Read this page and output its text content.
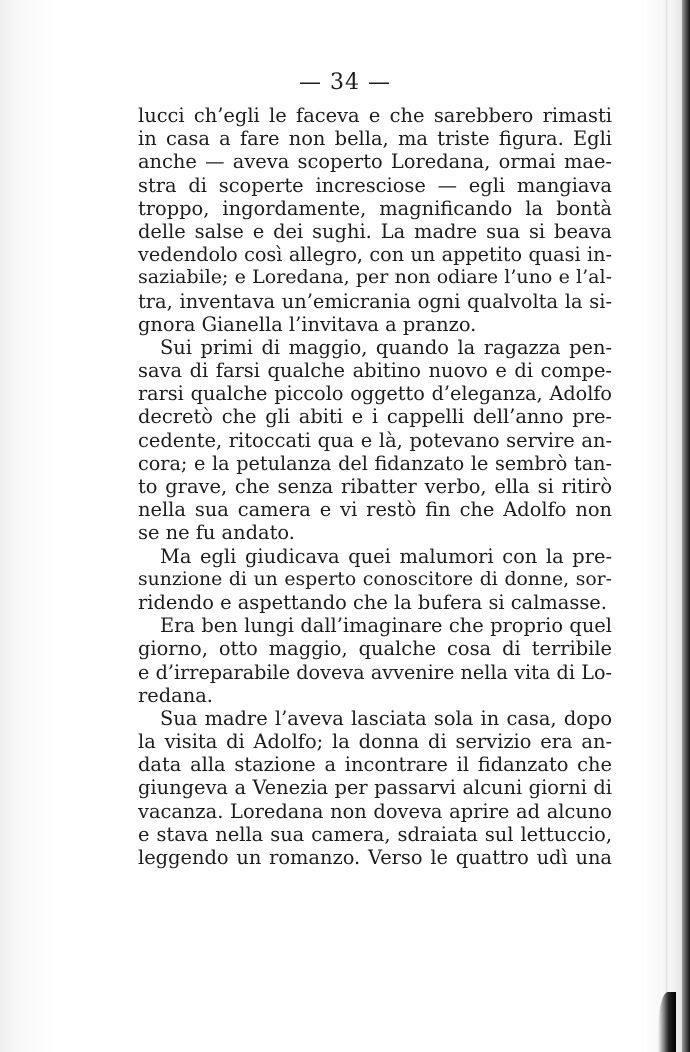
— 34 —
lucci ch’egli le faceva e che sarebbero rimasti
in casa a fare non bella, ma triste figura. Egli
anche — aveva scoperto Loredana, ormai mae-
stra di scoperte incresciose — egli mangiava
troppo, ingordamente, magnificando la bontà
delle salse e dei sughi. La madre sua si beava
vedendolo così allegro, con un appetito quasi in-
saziabile; e Loredana, per non odiare l’uno e l’al-
tra, inventava un’emicrania ogni qualvolta la si-
gnora Gianella l’invitava a pranzo.
Sui primi di maggio, quando la ragazza pen-
sava di farsi qualche abitino nuovo e di compe-
rarsi qualche piccolo oggetto d’eleganza, Adolfo
decretò che gli abiti e i cappelli dell’anno pre-
cedente, ritoccati qua e là, potevano servire an-
cora; e la petulanza del fidanzato le sembrò tan-
to grave, che senza ribatter verbo, ella si ritirò
nella sua camera e vi restò fin che Adolfo non
se ne fu andato.
Ma egli giudicava quei malumori con la pre-
sunzione di un esperto conoscitore di donne, sor-
ridendo e aspettando che la bufera si calmasse.
Era ben lungi dall’imaginare che proprio quel
giorno, otto maggio, qualche cosa di terribile
e d’irreparabile doveva avvenire nella vita di Lo-
redana.
Sua madre l’aveva lasciata sola in casa, dopo
la visita di Adolfo; la donna di servizio era an-
data alla stazione a incontrare il fidanzato che
giungeva a Venezia per passarvi alcuni giorni di
vacanza. Loredana non doveva aprire ad alcuno
e stava nella sua camera, sdraiata sul lettuccio,
leggendo un romanzo. Verso le quattro udì una
